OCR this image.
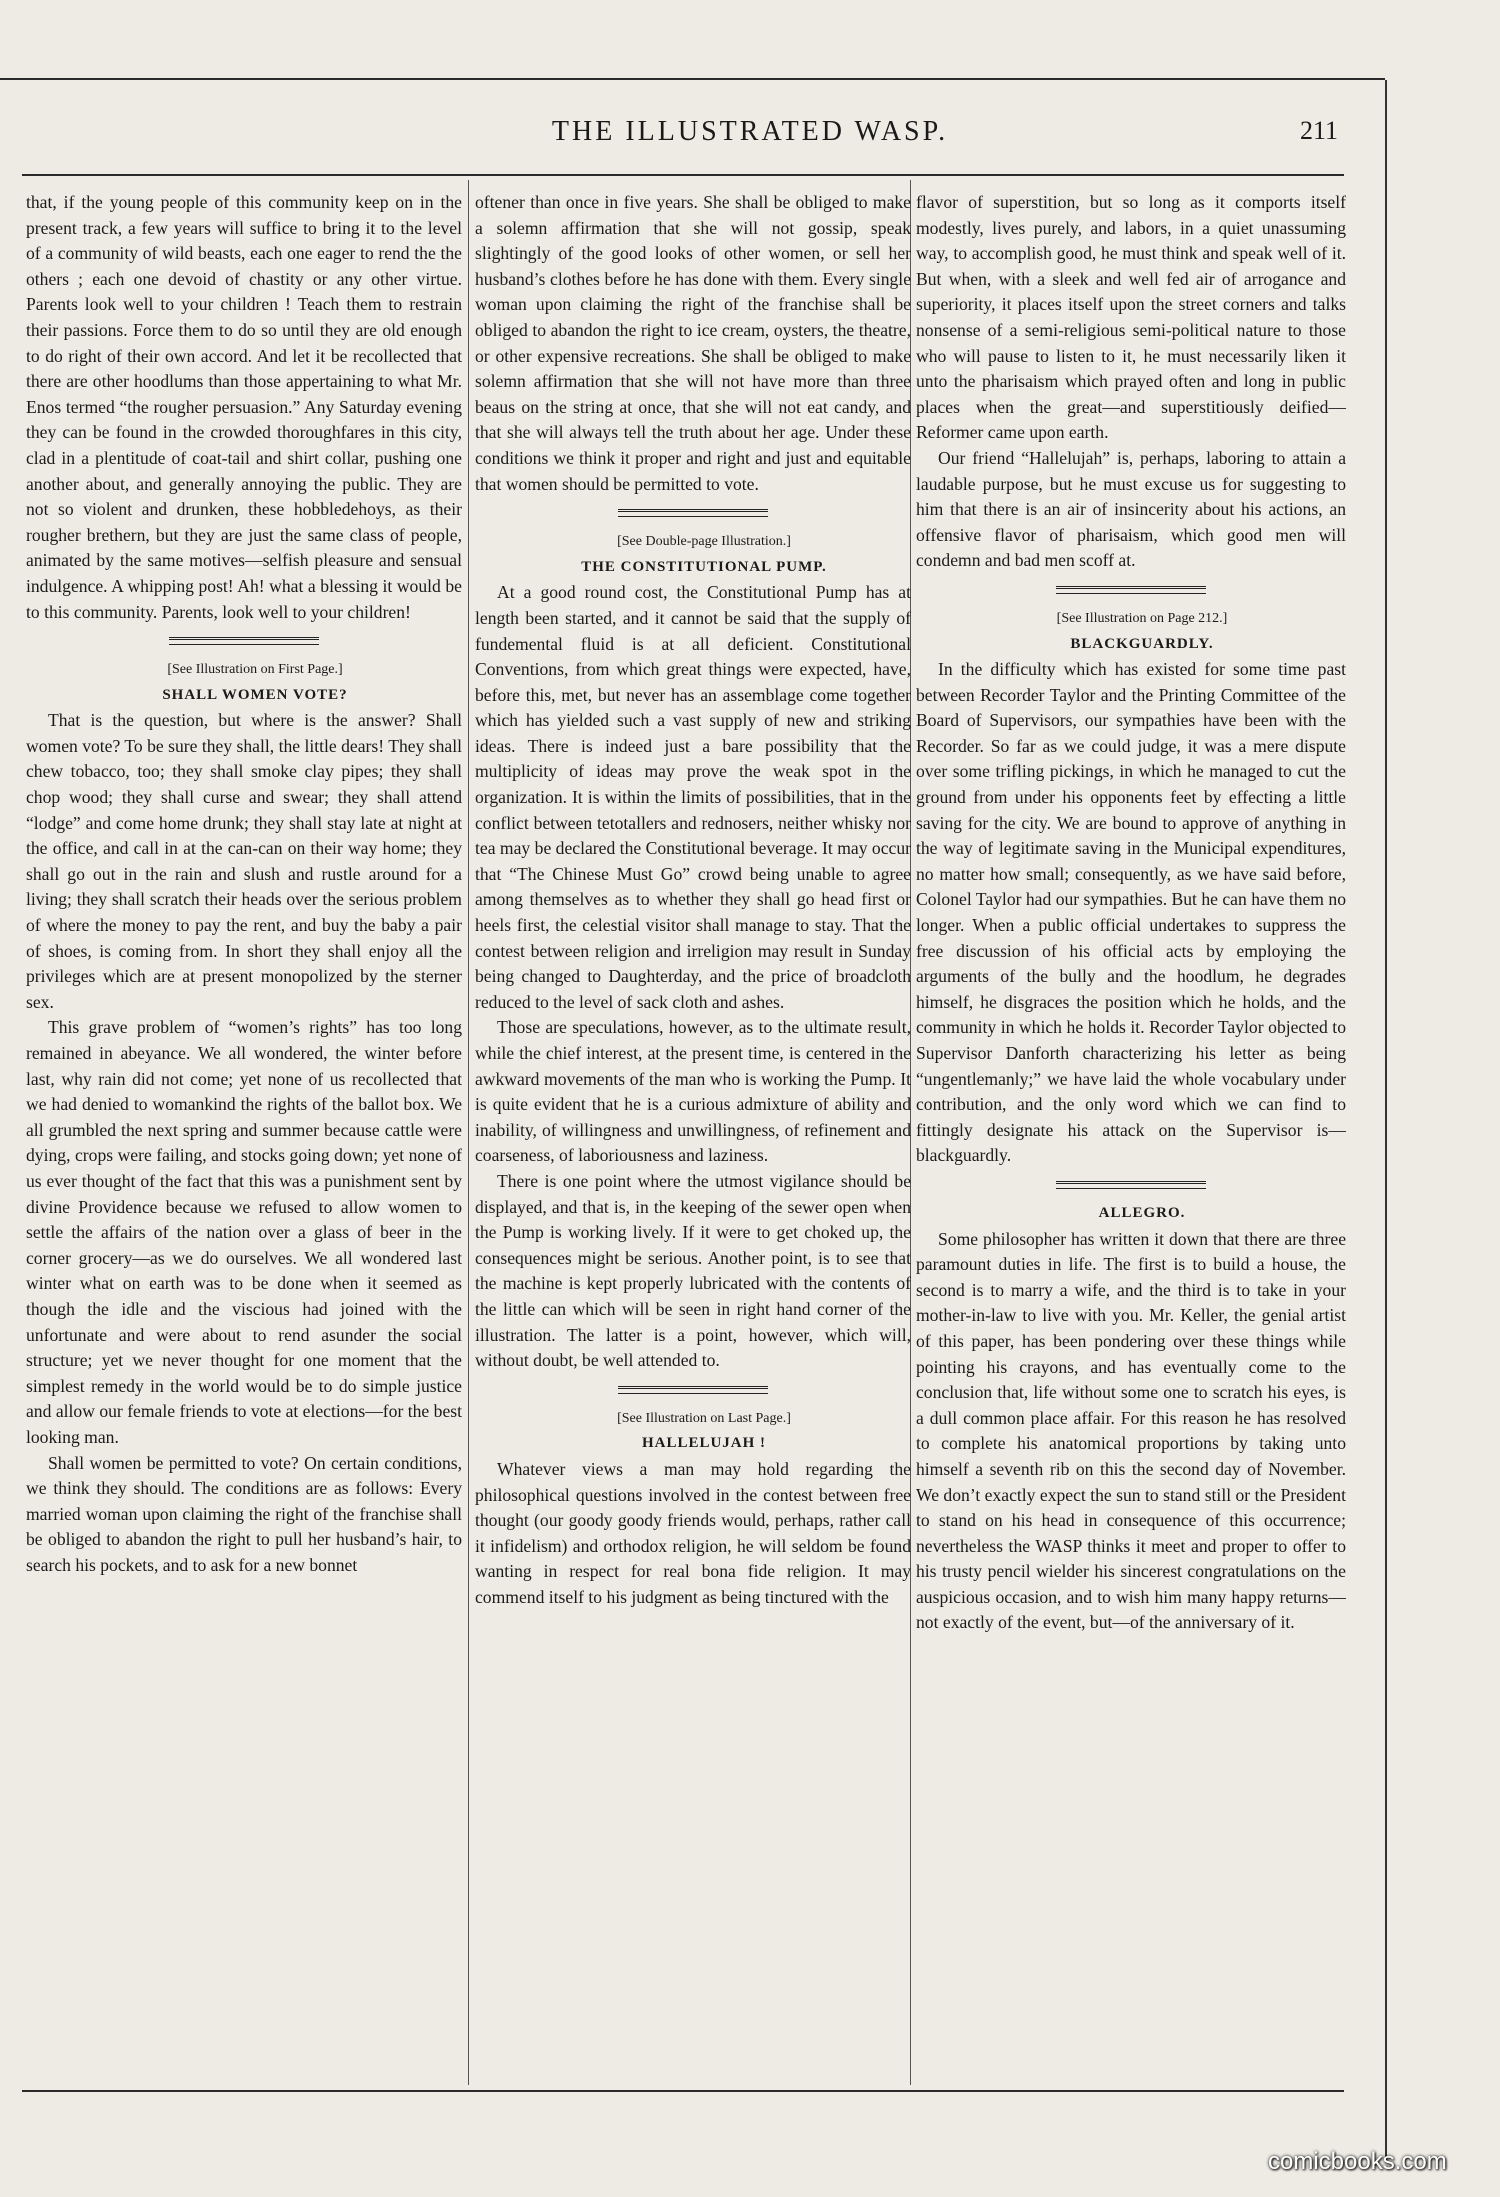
THE ILLUSTRATED WASP.	211

that, if the young people of this community keep on in the present track, a few years will suffice to bring it to the level of a community of wild beasts, each one eager to rend the the others ; each one devoid of chastity or any other virtue. Parents look well to your children ! Teach them to restrain their passions. Force them to do so until they are old enough to do right of their own accord. And let it be recollected that there are other hoodlums than those appertaining to what Mr. Enos termed “the rougher persuasion.” Any Saturday evening they can be found in the crowded thoroughfares in this city, clad in a plentitude of coat-tail and shirt collar, pushing one another about, and generally annoying the public. They are not so violent and drunken, these hobbledehoys, as their rougher brethern, but they are just the same class of people, animated by the same motives—selfish pleasure and sensual indulgence. A whipping post! Ah! what a blessing it would be to this community. Parents, look well to your children!

[See Illustration on First Page.]

SHALL WOMEN VOTE?

That is the question, but where is the answer? Shall women vote? To be sure they shall, the little dears! They shall chew tobacco, too; they shall smoke clay pipes; they shall chop wood; they shall curse and swear; they shall attend “lodge” and come home drunk; they shall stay late at night at the office, and call in at the can-can on their way home; they shall go out in the rain and slush and rustle around for a living; they shall scratch their heads over the serious problem of where the money to pay the rent, and buy the baby a pair of shoes, is coming from. In short they shall enjoy all the privileges which are at present monopolized by the sterner sex.

This grave problem of “women’s rights” has too long remained in abeyance. We all wondered, the winter before last, why rain did not come; yet none of us recollected that we had denied to womankind the rights of the ballot box. We all grumbled the next spring and summer because cattle were dying, crops were failing, and stocks going down; yet none of us ever thought of the fact that this was a punishment sent by divine Providence because we refused to allow women to settle the affairs of the nation over a glass of beer in the corner grocery—as we do ourselves. We all wondered last winter what on earth was to be done when it seemed as though the idle and the viscious had joined with the unfortunate and were about to rend asunder the social structure; yet we never thought for one moment that the simplest remedy in the world would be to do simple justice and allow our female friends to vote at elections—for the best looking man.

Shall women be permitted to vote? On certain conditions, we think they should. The conditions are as follows: Every married woman upon claiming the right of the franchise shall be obliged to abandon the right to pull her husband’s hair, to search his pockets, and to ask for a new bonnet

oftener than once in five years. She shall be obliged to make a solemn affirmation that she will not gossip, speak slightingly of the good looks of other women, or sell her husband’s clothes before he has done with them. Every single woman upon claiming the right of the franchise shall be obliged to abandon the right to ice cream, oysters, the theatre, or other expensive recreations. She shall be obliged to make solemn affirmation that she will not have more than three beaus on the string at once, that she will not eat candy, and that she will always tell the truth about her age. Under these conditions we think it proper and right and just and equitable that women should be permitted to vote.

[See Double-page Illustration.]

THE CONSTITUTIONAL PUMP.

At a good round cost, the Constitutional Pump has at length been started, and it cannot be said that the supply of fundemental fluid is at all deficient. Constitutional Conventions, from which great things were expected, have, before this, met, but never has an assemblage come together which has yielded such a vast supply of new and striking ideas. There is indeed just a bare possibility that the multiplicity of ideas may prove the weak spot in the organization. It is within the limits of possibilities, that in the conflict between tetotallers and rednosers, neither whisky nor tea may be declared the Constitutional beverage. It may occur that “The Chinese Must Go” crowd being unable to agree among themselves as to whether they shall go head first or heels first, the celestial visitor shall manage to stay. That the contest between religion and irreligion may result in Sunday being changed to Daughterday, and the price of broadcloth reduced to the level of sack cloth and ashes.

Those are speculations, however, as to the ultimate result, while the chief interest, at the present time, is centered in the awkward movements of the man who is working the Pump. It is quite evident that he is a curious admixture of ability and inability, of willingness and unwillingness, of refinement and coarseness, of laboriousness and laziness.

There is one point where the utmost vigilance should be displayed, and that is, in the keeping of the sewer open when the Pump is working lively. If it were to get choked up, the consequences might be serious. Another point, is to see that the machine is kept properly lubricated with the contents of the little can which will be seen in right hand corner of the illustration. The latter is a point, however, which will, without doubt, be well attended to.

[See Illustration on Last Page.]

HALLELUJAH !

Whatever views a man may hold regarding the philosophical questions involved in the contest between free thought (our goody goody friends would, perhaps, rather call it infidelism) and orthodox religion, he will seldom be found wanting in respect for real bona fide religion. It may commend itself to his judgment as being tinctured with the

flavor of superstition, but so long as it comports itself modestly, lives purely, and labors, in a quiet unassuming way, to accomplish good, he must think and speak well of it. But when, with a sleek and well fed air of arrogance and superiority, it places itself upon the street corners and talks nonsense of a semi-religious semi-political nature to those who will pause to listen to it, he must necessarily liken it unto the pharisaism which prayed often and long in public places when the great—and superstitiously deified—Reformer came upon earth.

Our friend “Hallelujah” is, perhaps, laboring to attain a laudable purpose, but he must excuse us for suggesting to him that there is an air of insincerity about his actions, an offensive flavor of pharisaism, which good men will condemn and bad men scoff at.

[See Illustration on Page 212.]

BLACKGUARDLY.

In the difficulty which has existed for some time past between Recorder Taylor and the Printing Committee of the Board of Supervisors, our sympathies have been with the Recorder. So far as we could judge, it was a mere dispute over some trifling pickings, in which he managed to cut the ground from under his opponents feet by effecting a little saving for the city. We are bound to approve of anything in the way of legitimate saving in the Municipal expenditures, no matter how small; consequently, as we have said before, Colonel Taylor had our sympathies. But he can have them no longer. When a public official undertakes to suppress the free discussion of his official acts by employing the arguments of the bully and the hoodlum, he degrades himself, he disgraces the position which he holds, and the community in which he holds it. Recorder Taylor objected to Supervisor Danforth characterizing his letter as being “ungentlemanly;” we have laid the whole vocabulary under contribution, and the only word which we can find to fittingly designate his attack on the Supervisor is—blackguardly.

ALLEGRO.

Some philosopher has written it down that there are three paramount duties in life. The first is to build a house, the second is to marry a wife, and the third is to take in your mother-in-law to live with you. Mr. Keller, the genial artist of this paper, has been pondering over these things while pointing his crayons, and has eventually come to the conclusion that, life without some one to scratch his eyes, is a dull common place affair. For this reason he has resolved to complete his anatomical proportions by taking unto himself a seventh rib on this the second day of November. We don’t exactly expect the sun to stand still or the President to stand on his head in consequence of this occurrence; nevertheless the WASP thinks it meet and proper to offer to his trusty pencil wielder his sincerest congratulations on the auspicious occasion, and to wish him many happy returns—not exactly of the event, but—of the anniversary of it.

comicbooks.com
